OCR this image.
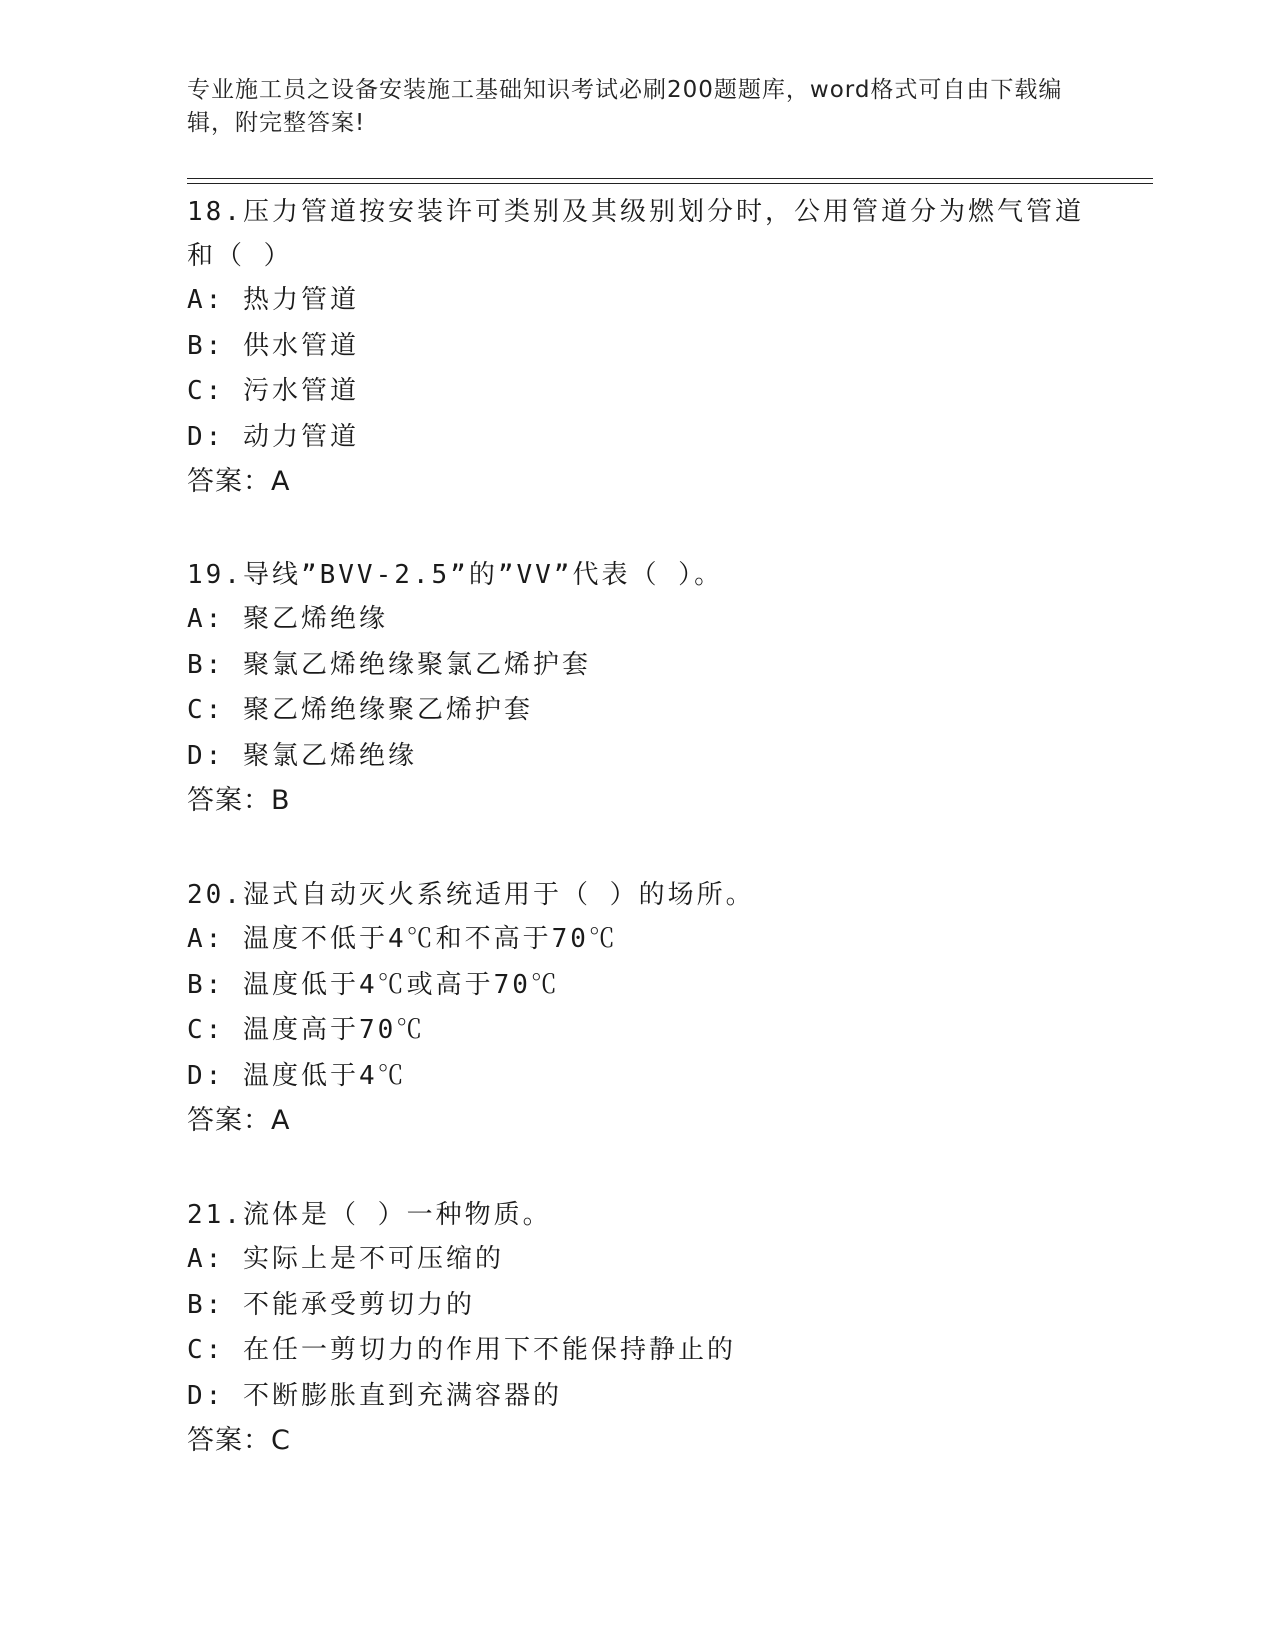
专业施工员之设备安装施工基础知识考试必刷200题题库，word格式可自由下载编辑，附完整答案!

18.压力管道按安装许可类别及其级别划分时，公用管道分为燃气管道和（ ）

A: 热力管道

B: 供水管道

C: 污水管道

D: 动力管道

答案：A

19.导线”BVV-2.5”的”VV”代表（ ）。

A: 聚乙烯绝缘

B: 聚氯乙烯绝缘聚氯乙烯护套

C: 聚乙烯绝缘聚乙烯护套

D: 聚氯乙烯绝缘

答案：B

20.湿式自动灭火系统适用于（ ）的场所。

A: 温度不低于4℃和不高于70℃

B: 温度低于4℃或高于70℃

C: 温度高于70℃

D: 温度低于4℃

答案：A

21.流体是（ ）一种物质。

A: 实际上是不可压缩的

B: 不能承受剪切力的

C: 在任一剪切力的作用下不能保持静止的

D: 不断膨胀直到充满容器的

答案：C
